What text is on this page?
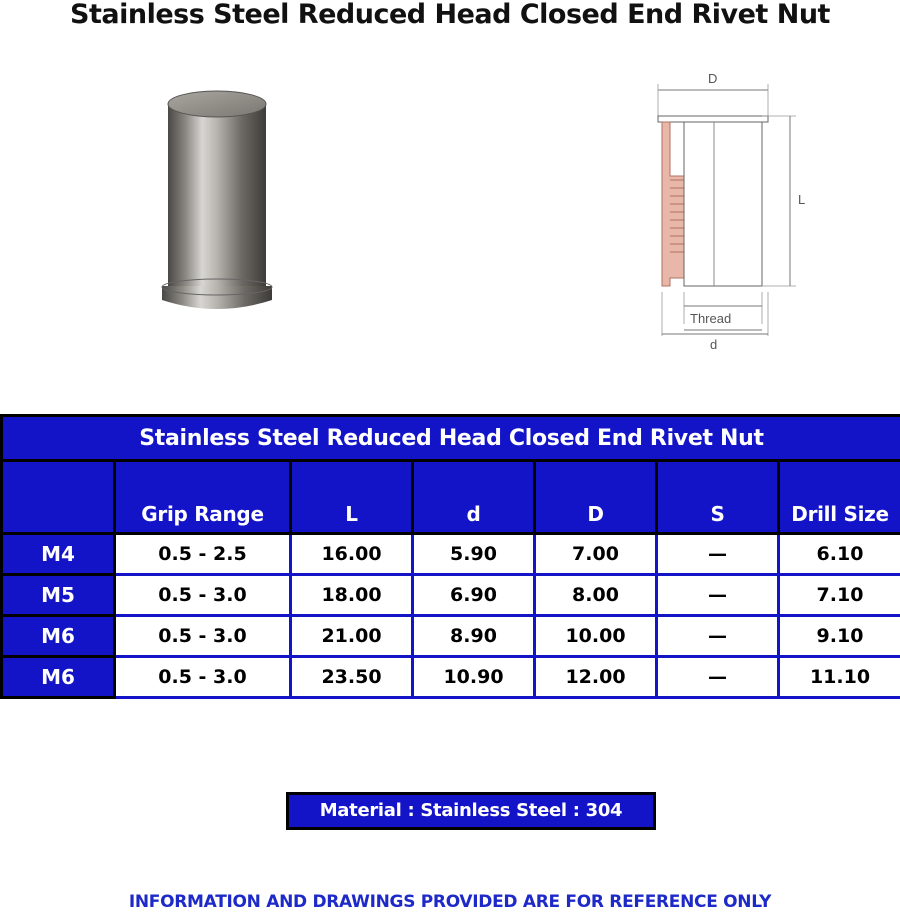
Stainless Steel Reduced Head Closed End Rivet Nut
D
L
Thread
d
Stainless Steel Reduced Head Closed End Rivet Nut						

	Grip Range	L	d	D	S	Drill Size

M4	0.5 - 2.5	16.00	5.90	7.00	—	6.10
M5	0.5 - 3.0	18.00	6.90	8.00	—	7.10
M6	0.5 - 3.0	21.00	8.90	10.00	—	9.10
M6	0.5 - 3.0	23.50	10.90	12.00	—	11.10
Material : Stainless Steel : 304
INFORMATION AND DRAWINGS PROVIDED ARE FOR REFERENCE ONLY
